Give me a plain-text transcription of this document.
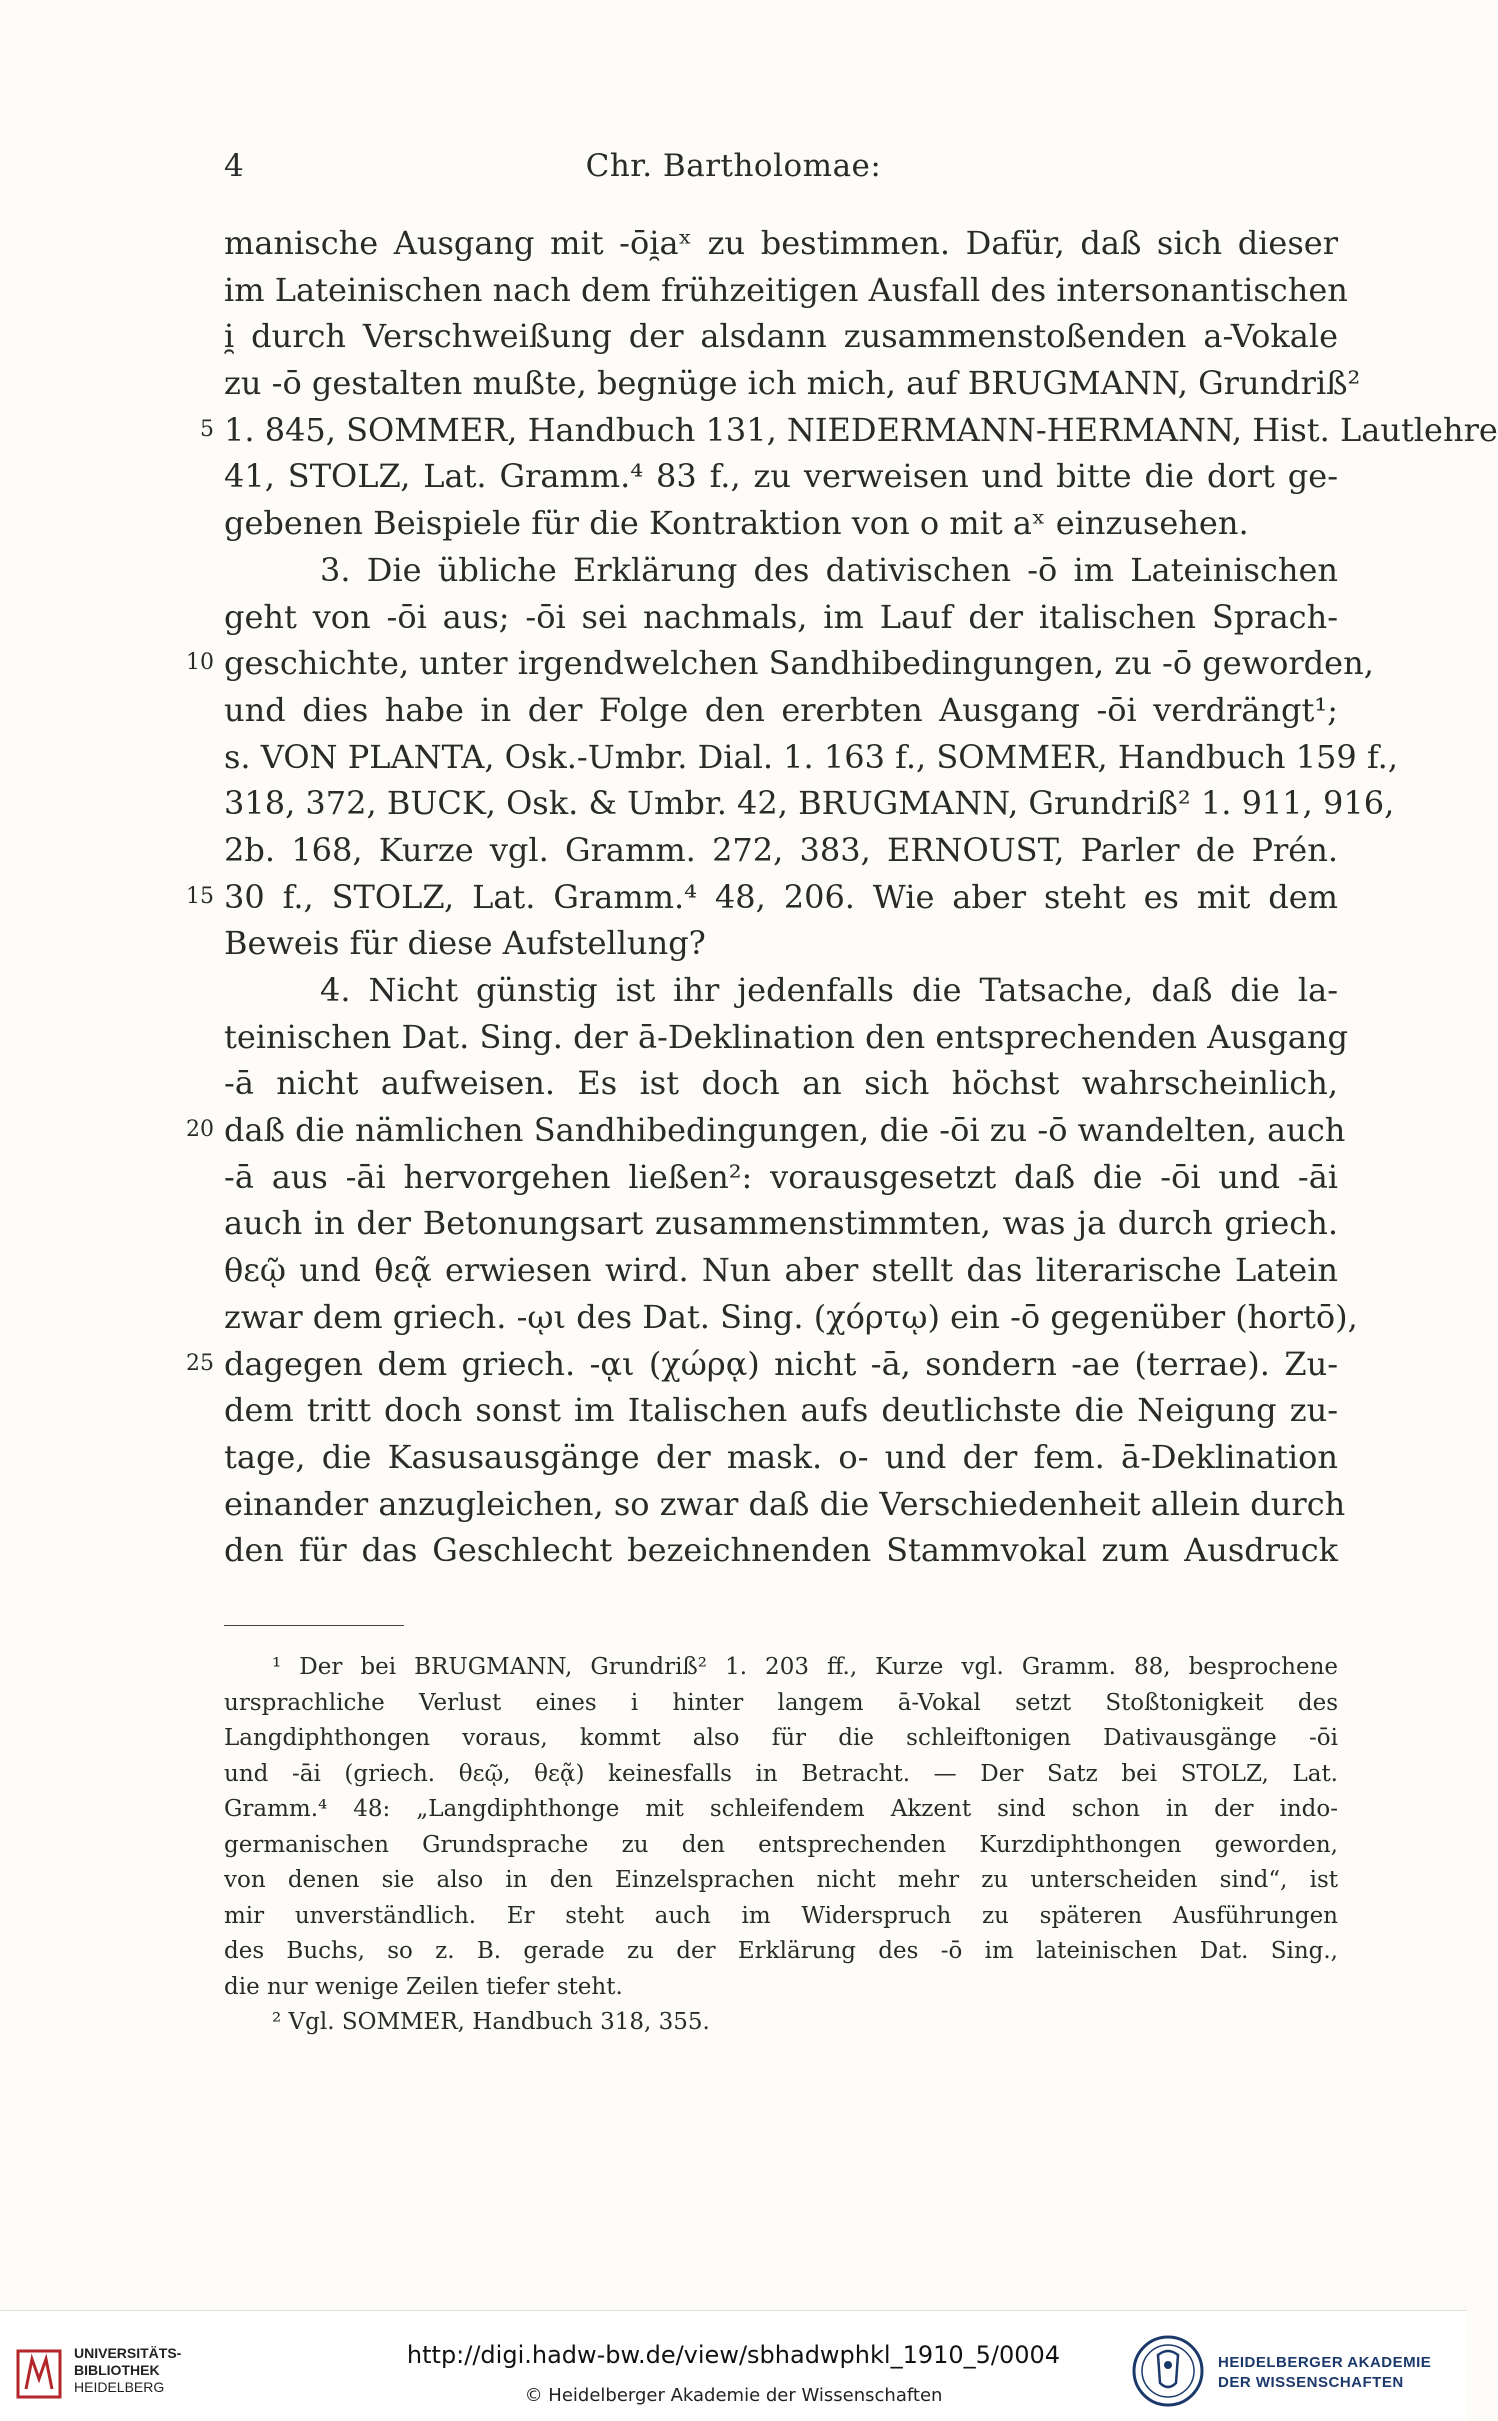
4	Chr. Bartholomae:
manische Ausgang mit -ōi̯aˣ zu bestimmen. Dafür, daß sich dieser
im Lateinischen nach dem frühzeitigen Ausfall des intersonantischen
i̯ durch Verschweißung der alsdann zusammenstoßenden a-Vokale
zu -ō gestalten mußte, begnüge ich mich, auf BRUGMANN, Grundriß²
1. 845, SOMMER, Handbuch 131, NIEDERMANN-HERMANN, Hist. Lautlehre
41, STOLZ, Lat. Gramm.⁴ 83 f., zu verweisen und bitte die dort ge-
gebenen Beispiele für die Kontraktion von o mit aˣ einzusehen.
3. Die übliche Erklärung des dativischen -ō im Lateinischen
geht von -ōi aus; -ōi sei nachmals, im Lauf der italischen Sprach-
geschichte, unter irgendwelchen Sandhibedingungen, zu -ō geworden,
und dies habe in der Folge den ererbten Ausgang -ōi verdrängt¹;
s. VON PLANTA, Osk.-Umbr. Dial. 1. 163 f., SOMMER, Handbuch 159 f.,
318, 372, BUCK, Osk. & Umbr. 42, BRUGMANN, Grundriß² 1. 911, 916,
2b. 168, Kurze vgl. Gramm. 272, 383, ERNOUST, Parler de Prén.
30 f., STOLZ, Lat. Gramm.⁴ 48, 206. Wie aber steht es mit dem
Beweis für diese Aufstellung?
4. Nicht günstig ist ihr jedenfalls die Tatsache, daß die la-
teinischen Dat. Sing. der ā-Deklination den entsprechenden Ausgang
-ā nicht aufweisen. Es ist doch an sich höchst wahrscheinlich,
daß die nämlichen Sandhibedingungen, die -ōi zu -ō wandelten, auch
-ā aus -āi hervorgehen ließen²: vorausgesetzt daß die -ōi und -āi
auch in der Betonungsart zusammenstimmten, was ja durch griech.
θεῷ und θεᾷ erwiesen wird. Nun aber stellt das literarische Latein
zwar dem griech. -ῳι des Dat. Sing. (χόρτῳ) ein -ō gegenüber (hortō),
dagegen dem griech. -ᾳι (χώρᾳ) nicht -ā, sondern -ae (terrae). Zu-
dem tritt doch sonst im Italischen aufs deutlichste die Neigung zu-
tage, die Kasusausgänge der mask. o- und der fem. ā-Deklination
einander anzugleichen, so zwar daß die Verschiedenheit allein durch
den für das Geschlecht bezeichnenden Stammvokal zum Ausdruck
¹ Der bei BRUGMANN, Grundriß² 1. 203 ff., Kurze vgl. Gramm. 88, besprochene
ursprachliche Verlust eines i hinter langem ā-Vokal setzt Stoßtonigkeit des
Langdiphthongen voraus, kommt also für die schleiftonigen Dativausgänge -ōi
und -āi (griech. θεῷ, θεᾷ) keinesfalls in Betracht. — Der Satz bei STOLZ, Lat.
Gramm.⁴ 48: „Langdiphthonge mit schleifendem Akzent sind schon in der indo-
germanischen Grundsprache zu den entsprechenden Kurzdiphthongen geworden,
von denen sie also in den Einzelsprachen nicht mehr zu unterscheiden sind“, ist
mir unverständlich. Er steht auch im Widerspruch zu späteren Ausführungen
des Buchs, so z. B. gerade zu der Erklärung des -ō im lateinischen Dat. Sing.,
die nur wenige Zeilen tiefer steht.
² Vgl. SOMMER, Handbuch 318, 355.
5
10
15
20
25
UNIVERSITÄTS-
BIBLIOTHEK
HEIDELBERG
http://digi.hadw-bw.de/view/sbhadwphkl_1910_5/0004
© Heidelberger Akademie der Wissenschaften
HEIDELBERGER AKADEMIE
DER WISSENSCHAFTEN
